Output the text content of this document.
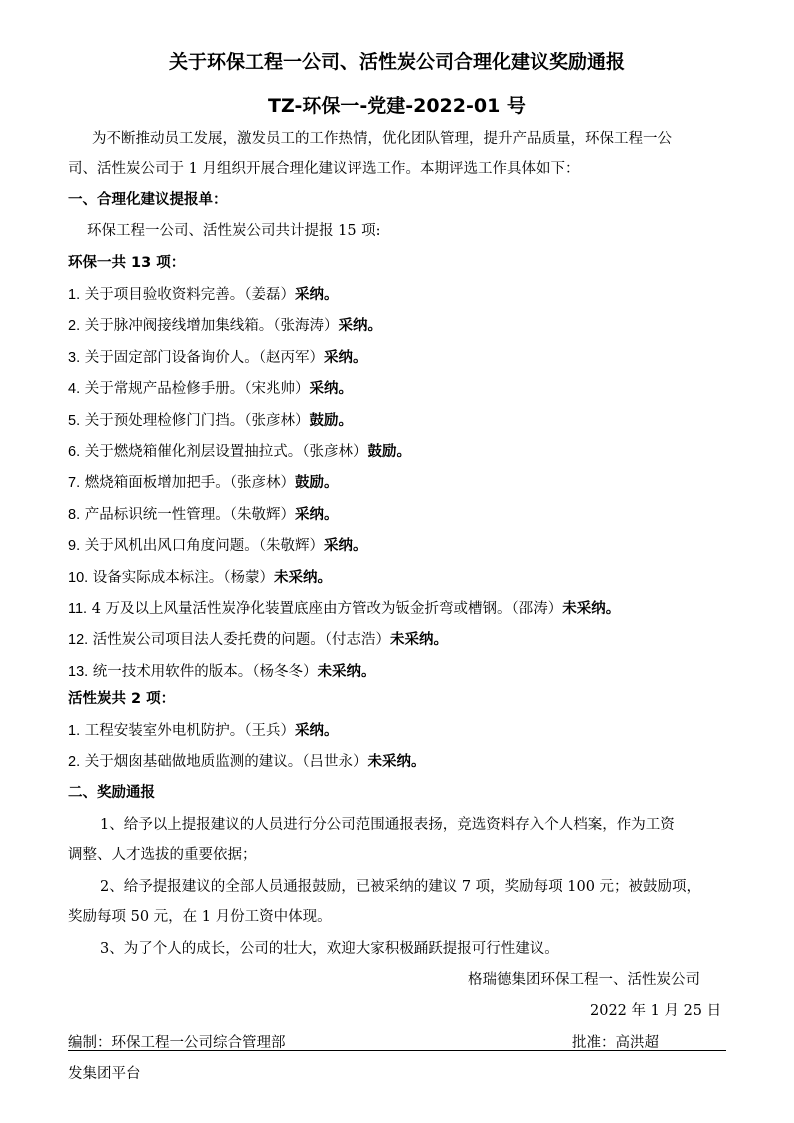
关于环保工程一公司、活性炭公司合理化建议奖励通报
TZ-环保一-党建-2022-01 号
为不断推动员工发展，激发员工的工作热情，优化团队管理，提升产品质量，环保工程一公
司、活性炭公司于 1 月组织开展合理化建议评选工作。本期评选工作具体如下：
一、合理化建议提报单：
环保工程一公司、活性炭公司共计提报 15 项:
环保一共 13 项：
1. 关于项目验收资料完善。（姜磊）采纳。
2. 关于脉冲阀接线增加集线箱。（张海涛）采纳。
3. 关于固定部门设备询价人。（赵丙军）采纳。
4. 关于常规产品检修手册。（宋兆帅）采纳。
5. 关于预处理检修门门挡。（张彦林）鼓励。
6. 关于燃烧箱催化剂层设置抽拉式。（张彦林）鼓励。
7. 燃烧箱面板增加把手。（张彦林）鼓励。
8. 产品标识统一性管理。（朱敬辉）采纳。
9. 关于风机出风口角度问题。（朱敬辉）采纳。
10. 设备实际成本标注。（杨蒙）未采纳。
11. 4 万及以上风量活性炭净化装置底座由方管改为钣金折弯或槽钢。（邵涛）未采纳。
12. 活性炭公司项目法人委托费的问题。（付志浩）未采纳。
13. 统一技术用软件的版本。（杨冬冬）未采纳。
活性炭共 2 项：
1. 工程安装室外电机防护。（王兵）采纳。
2. 关于烟囱基础做地质监测的建议。（吕世永）未采纳。
二、奖励通报
1、给予以上提报建议的人员进行分公司范围通报表扬，竞选资料存入个人档案，作为工资
调整、人才选拔的重要依据；
2、给予提报建议的全部人员通报鼓励，已被采纳的建议 7 项，奖励每项 100 元；被鼓励项，
奖励每项 50 元，在 1 月份工资中体现。
3、为了个人的成长，公司的壮大，欢迎大家积极踊跃提报可行性建议。
格瑞德集团环保工程一、活性炭公司
2022 年 1 月 25 日
编制：环保工程一公司综合管理部	批准：高洪超
发集团平台
